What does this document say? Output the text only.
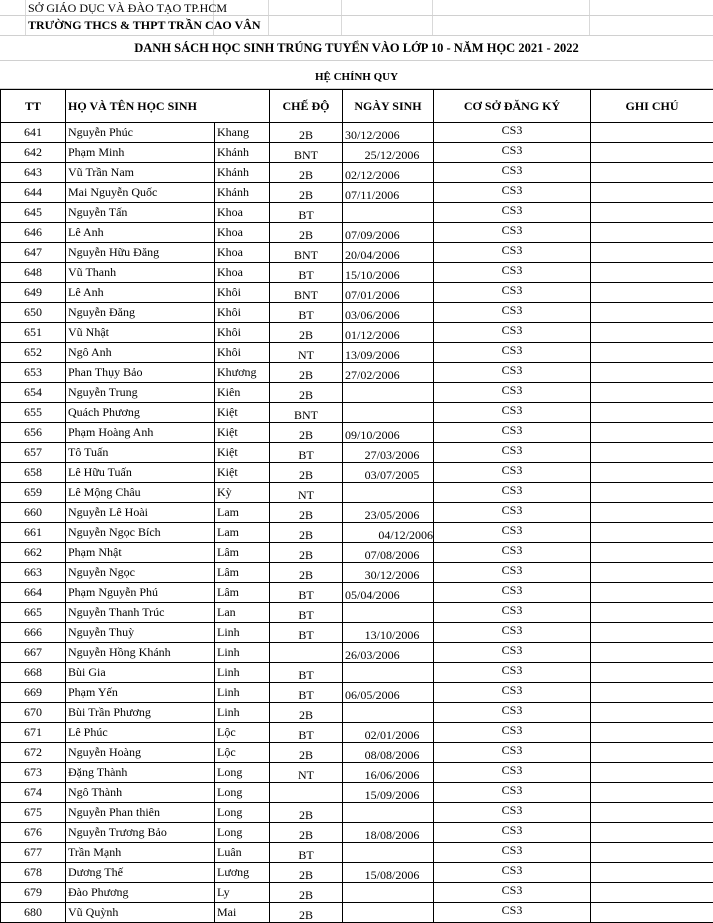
SỞ GIÁO DỤC VÀ ĐÀO TẠO TP.HCM
TRƯỜNG THCS & THPT TRẦN CAO VÂN
DANH SÁCH HỌC SINH TRÚNG TUYỂN VÀO LỚP 10 - NĂM HỌC 2021 - 2022
HỆ CHÍNH QUY
TT	HỌ VÀ TÊN HỌC SINH		CHẾ ĐỘ	NGÀY SINH	CƠ SỞ ĐĂNG KÝ	GHI CHÚ
641	Nguyễn Phúc	Khang	2B	30/12/2006	CS3	
642	Phạm Minh	Khánh	BNT	25/12/2006	CS3	
643	Vũ Trần Nam	Khánh	2B	02/12/2006	CS3	
644	Mai Nguyễn Quốc	Khánh	2B	07/11/2006	CS3	
645	Nguyễn Tấn	Khoa	BT		CS3	
646	Lê Anh	Khoa	2B	07/09/2006	CS3	
647	Nguyễn Hữu Đăng	Khoa	BNT	20/04/2006	CS3	
648	Vũ Thanh	Khoa	BT	15/10/2006	CS3	
649	Lê Anh	Khôi	BNT	07/01/2006	CS3	
650	Nguyễn Đăng	Khôi	BT	03/06/2006	CS3	
651	Vũ Nhật	Khôi	2B	01/12/2006	CS3	
652	Ngô Anh	Khôi	NT	13/09/2006	CS3	
653	Phan Thụy Bảo	Khương	2B	27/02/2006	CS3	
654	Nguyễn Trung	Kiên	2B		CS3	
655	Quách Phương	Kiệt	BNT		CS3	
656	Phạm Hoàng Anh	Kiệt	2B	09/10/2006	CS3	
657	Tô Tuấn	Kiệt	BT	27/03/2006	CS3	
658	Lê Hữu Tuấn	Kiệt	2B	03/07/2005	CS3	
659	Lê Mộng Châu	Kỳ	NT		CS3	
660	Nguyễn Lê Hoài	Lam	2B	23/05/2006	CS3	
661	Nguyễn Ngọc Bích	Lam	2B	04/12/2006	CS3	
662	Phạm Nhật	Lâm	2B	07/08/2006	CS3	
663	Nguyễn Ngọc	Lâm	2B	30/12/2006	CS3	
664	Phạm Nguyễn Phú	Lâm	BT	05/04/2006	CS3	
665	Nguyễn Thanh Trúc	Lan	BT		CS3	
666	Nguyễn Thuỳ	Linh	BT	13/10/2006	CS3	
667	Nguyễn Hồng Khánh	Linh		26/03/2006	CS3	
668	Bùi Gia	Linh	BT		CS3	
669	Phạm Yến	Linh	BT	06/05/2006	CS3	
670	Bùi Trần Phương	Linh	2B		CS3	
671	Lê Phúc	Lộc	BT	02/01/2006	CS3	
672	Nguyễn Hoàng	Lộc	2B	08/08/2006	CS3	
673	Đặng Thành	Long	NT	16/06/2006	CS3	
674	Ngô Thành	Long		15/09/2006	CS3	
675	Nguyễn Phan thiên	Long	2B		CS3	
676	Nguyễn Trương Bảo	Long	2B	18/08/2006	CS3	
677	Trần Mạnh	Luân	BT		CS3	
678	Dương Thế	Lương	2B	15/08/2006	CS3	
679	Đào Phương	Ly	2B		CS3	
680	Vũ Quỳnh	Mai	2B		CS3	
